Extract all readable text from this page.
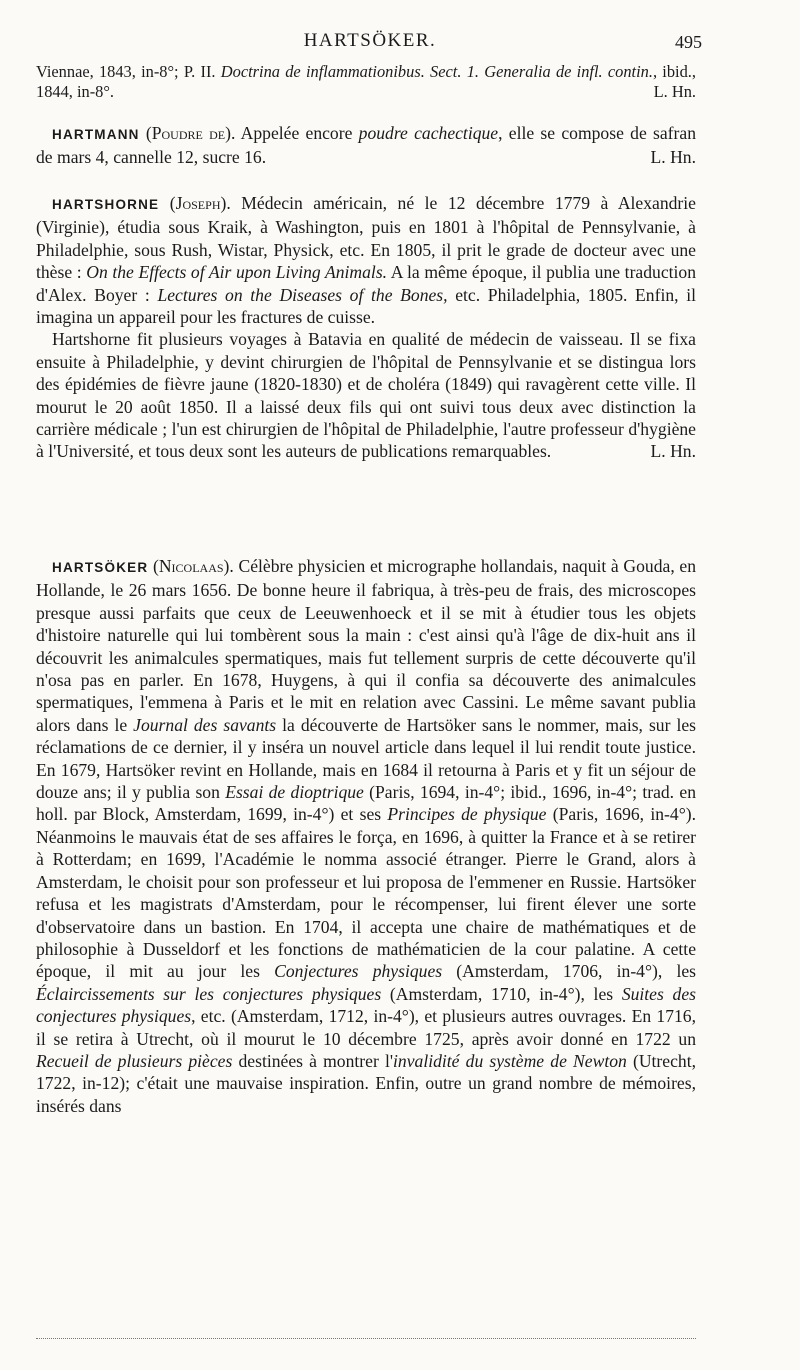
HARTSÖKER.	495

Viennae, 1843, in-8°; P. II. Doctrina de inflammationibus. Sect. 1. Generalia de infl. contin., ibid., 1844, in-8°.	L. Hn.

HARTMANN (Poudre de). Appelée encore poudre cachectique, elle se compose de safran de mars 4, cannelle 12, sucre 16.	L. Hn.

HARTSHORNE (Joseph). Médecin américain, né le 12 décembre 1779 à Alexandrie (Virginie), étudia sous Kraik, à Washington, puis en 1801 à l'hôpital de Pennsylvanie, à Philadelphie, sous Rush, Wistar, Physick, etc. En 1805, il prit le grade de docteur avec une thèse : On the Effects of Air upon Living Animals. A la même époque, il publia une traduction d'Alex. Boyer : Lectures on the Diseases of the Bones, etc. Philadelphia, 1805. Enfin, il imagina un appareil pour les fractures de cuisse.

Hartshorne fit plusieurs voyages à Batavia en qualité de médecin de vaisseau. Il se fixa ensuite à Philadelphie, y devint chirurgien de l'hôpital de Pennsylvanie et se distingua lors des épidémies de fièvre jaune (1820-1830) et de choléra (1849) qui ravagèrent cette ville. Il mourut le 20 août 1850. Il a laissé deux fils qui ont suivi tous deux avec distinction la carrière médicale ; l'un est chirurgien de l'hôpital de Philadelphie, l'autre professeur d'hygiène à l'Université, et tous deux sont les auteurs de publications remarquables.	L. Hn.

HARTSÖKER (Nicolaas). Célèbre physicien et micrographe hollandais, naquit à Gouda, en Hollande, le 26 mars 1656. De bonne heure il fabriqua, à très-peu de frais, des microscopes presque aussi parfaits que ceux de Leeuwenhoeck et il se mit à étudier tous les objets d'histoire naturelle qui lui tombèrent sous la main : c'est ainsi qu'à l'âge de dix-huit ans il découvrit les animalcules spermatiques, mais fut tellement surpris de cette découverte qu'il n'osa pas en parler. En 1678, Huygens, à qui il confia sa découverte des animalcules spermatiques, l'emmena à Paris et le mit en relation avec Cassini. Le même savant publia alors dans le Journal des savants la découverte de Hartsöker sans le nommer, mais, sur les réclamations de ce dernier, il y inséra un nouvel article dans lequel il lui rendit toute justice. En 1679, Hartsöker revint en Hollande, mais en 1684 il retourna à Paris et y fit un séjour de douze ans; il y publia son Essai de dioptrique (Paris, 1694, in-4°; ibid., 1696, in-4°; trad. en holl. par Block, Amsterdam, 1699, in-4°) et ses Principes de physique (Paris, 1696, in-4°). Néanmoins le mauvais état de ses affaires le força, en 1696, à quitter la France et à se retirer à Rotterdam; en 1699, l'Académie le nomma associé étranger. Pierre le Grand, alors à Amsterdam, le choisit pour son professeur et lui proposa de l'emmener en Russie. Hartsöker refusa et les magistrats d'Amsterdam, pour le récompenser, lui firent élever une sorte d'observatoire dans un bastion. En 1704, il accepta une chaire de mathématiques et de philosophie à Dusseldorf et les fonctions de mathématicien de la cour palatine. A cette époque, il mit au jour les Conjectures physiques (Amsterdam, 1706, in-4°), les Éclaircissements sur les conjectures physiques (Amsterdam, 1710, in-4°), les Suites des conjectures physiques, etc. (Amsterdam, 1712, in-4°), et plusieurs autres ouvrages. En 1716, il se retira à Utrecht, où il mourut le 10 décembre 1725, après avoir donné en 1722 un Recueil de plusieurs pièces destinées à montrer l'invalidité du système de Newton (Utrecht, 1722, in-12); c'était une mauvaise inspiration. Enfin, outre un grand nombre de mémoires, insérés dans
